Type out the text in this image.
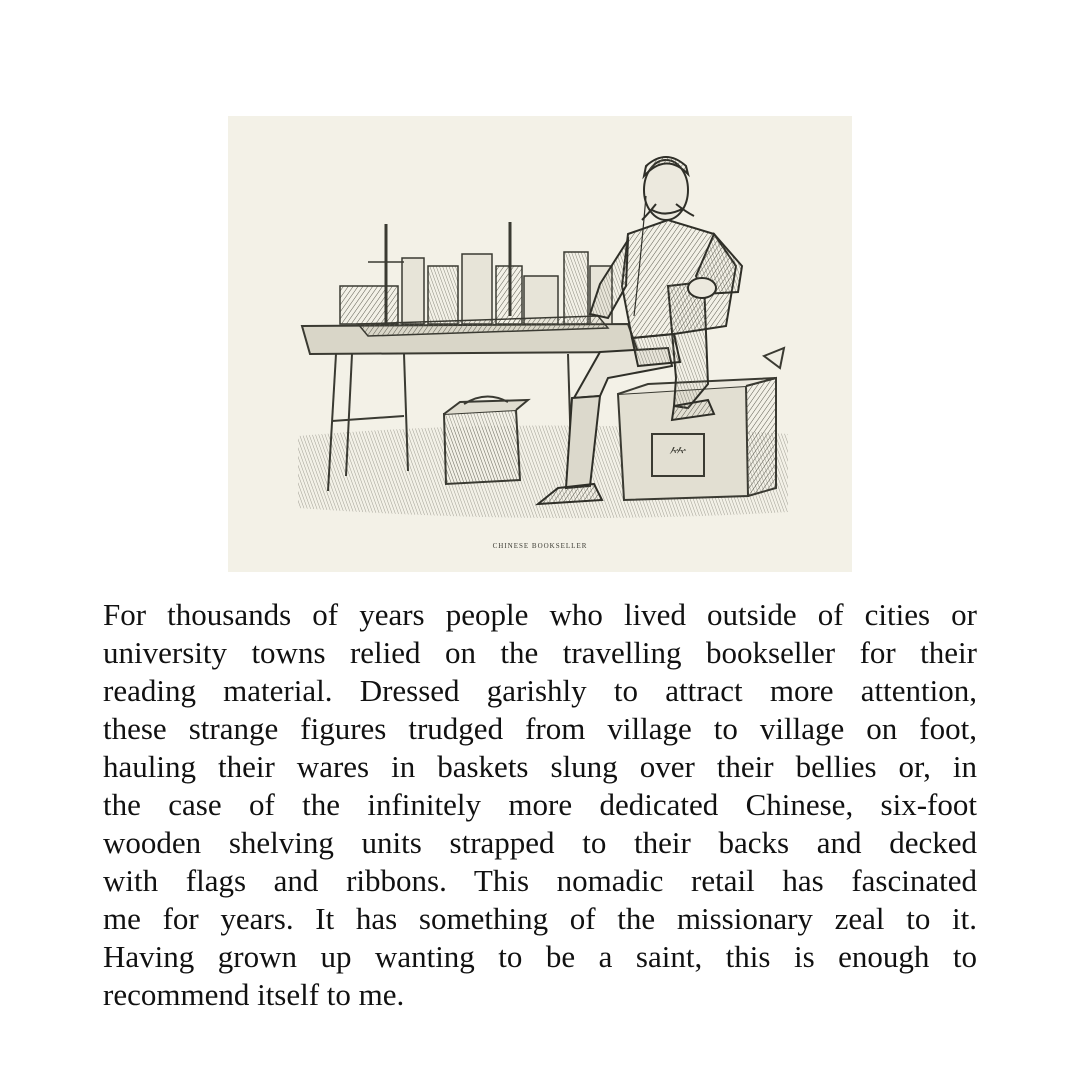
⺮
CHINESE BOOKSELLER

For thousands of years people who lived outside of cities or
university towns relied on the travelling bookseller for their
reading material. Dressed garishly to attract more attention,
these strange figures trudged from village to village on foot,
hauling their wares in baskets slung over their bellies or, in
the case of the infinitely more dedicated Chinese, six-foot
wooden shelving units strapped to their backs and decked
with flags and ribbons. This nomadic retail has fascinated
me for years. It has something of the missionary zeal to it.
Having grown up wanting to be a saint, this is enough to
recommend itself to me.
